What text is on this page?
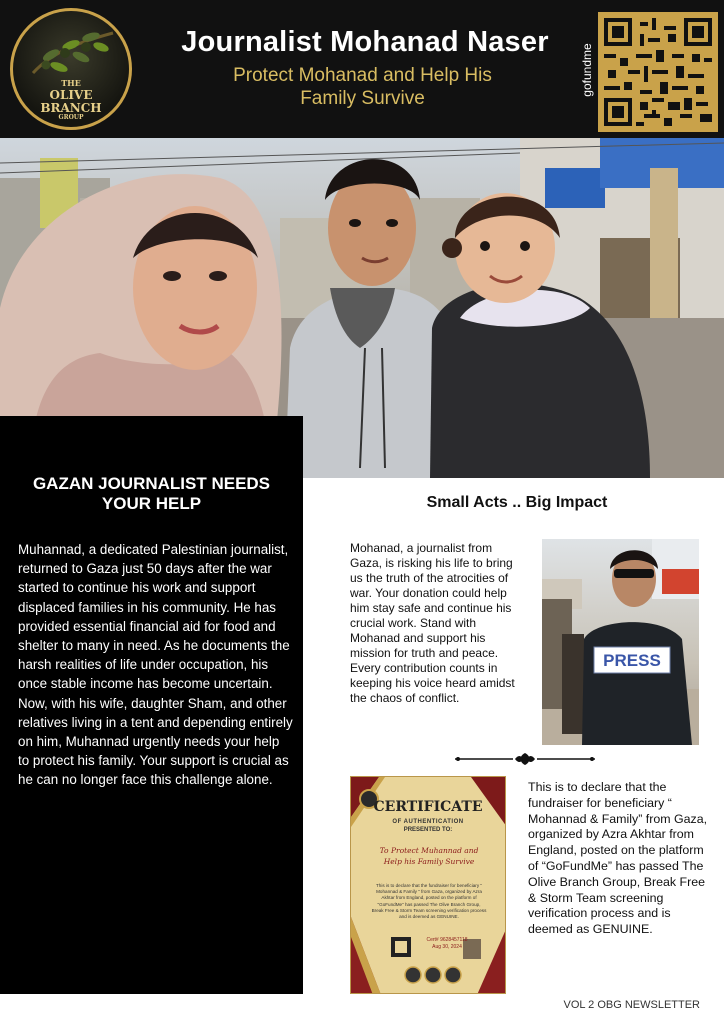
THE
OLIVE
BRANCH
GROUP
Journalist Mohanad Naser
Protect Mohanad and Help His
Family Survive
gofundme
GAZAN JOURNALIST NEEDS
YOUR HELP
Muhannad, a dedicated Palestinian journalist, returned to Gaza just 50 days after the war started to continue his work and support displaced families in his community. He has provided essential financial aid for food and shelter to many in need. As he documents the harsh realities of life under occupation, his once stable income has become uncertain. Now, with his wife, daughter Sham, and other relatives living in a tent and depending entirely on him, Muhannad urgently needs your help to protect his family. Your support is crucial as he can no longer face this challenge alone.
Small Acts .. Big Impact
Mohanad, a journalist from Gaza, is risking his life to bring us the truth of the atrocities of war. Your donation could help him stay safe and continue his crucial work. Stand with Mohanad and support his mission for truth and peace. Every contribution counts in keeping his voice heard amidst the chaos of conflict.
PRESS
CERTIFICATE
OF AUTHENTICATION
PRESENTED TO:
To Protect Muhannad and
Help his Family Survive
This is to declare that the fundraiser for beneficiary " Mohannad & Family " from Gaza, organized by Azra Akhtar from England, posted on the platform of "GoFundMe" has passed The Olive Branch Group, Break Free & Storm Team screening verification process and is deemed as GENUINE.
Cert# 9628457118
Aug 30, 2024
This is to declare that the fundraiser for beneficiary “ Mohannad & Family” from Gaza, organized by Azra Akhtar from England, posted on the platform of “GoFundMe” has passed The Olive Branch Group, Break Free & Storm Team screening verification process and is deemed as GENUINE.
VOL 2 OBG NEWSLETTER
